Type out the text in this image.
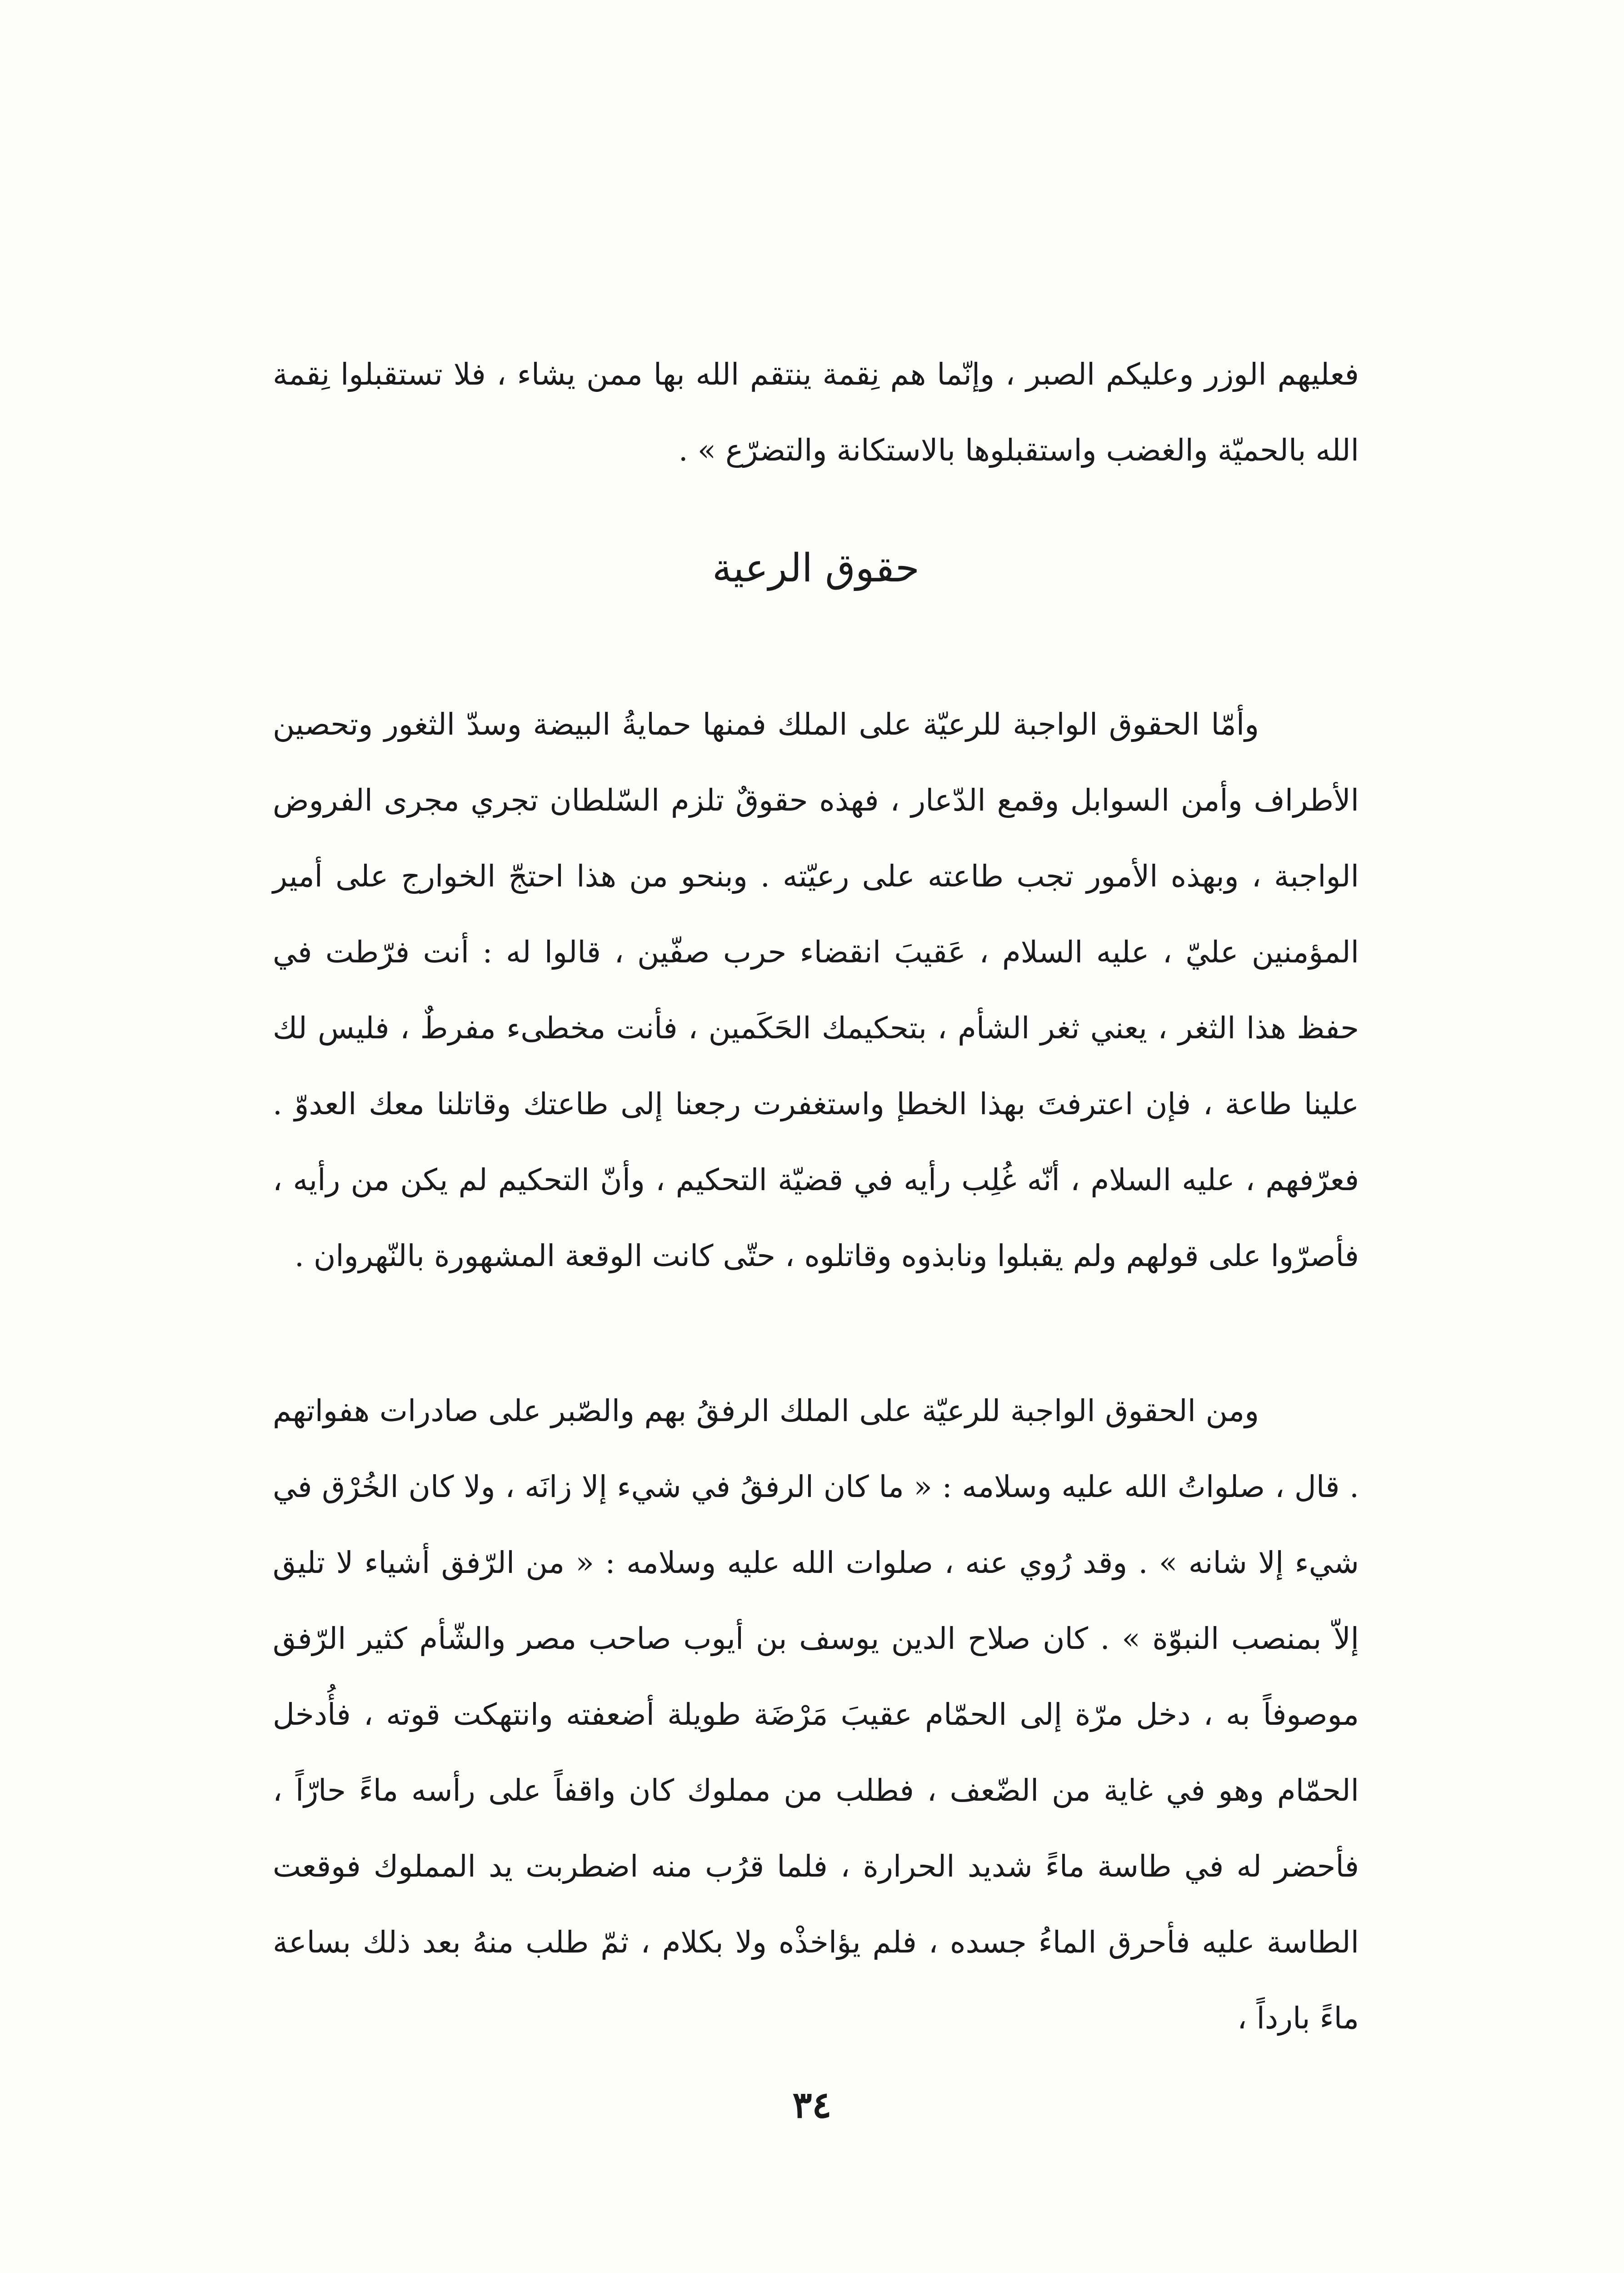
فعليهم الوزر وعليكم الصبر ، وإنّما هم نِقمة ينتقم الله بها ممن يشاء ، فلا تستقبلوا نِقمة الله بالحميّة والغضب واستقبلوها بالاستكانة والتضرّع » .

حقوق الرعية

وأمّا الحقوق الواجبة للرعيّة على الملك فمنها حمايةُ البيضة وسدّ الثغور وتحصين الأطراف وأمن السوابل وقمع الدّعار ، فهذه حقوقٌ تلزم السّلطان تجري مجرى الفروض الواجبة ، وبهذه الأمور تجب طاعته على رعيّته . وبنحو من هذا احتجّ الخوارج على أمير المؤمنين عليّ ، عليه السلام ، عَقيبَ انقضاء حرب صفّين ، قالوا له : أنت فرّطت في حفظ هذا الثغر ، يعني ثغر الشأم ، بتحكيمك الحَكَمين ، فأنت مخطىء مفرطٌ ، فليس لك علينا طاعة ، فإن اعترفتَ بهذا الخطإ واستغفرت رجعنا إلى طاعتك وقاتلنا معك العدوّ . فعرّفهم ، عليه السلام ، أنّه غُلِب رأيه في قضيّة التحكيم ، وأنّ التحكيم لم يكن من رأيه ، فأصرّوا على قولهم ولم يقبلوا ونابذوه وقاتلوه ، حتّى كانت الوقعة المشهورة بالنّهروان .

ومن الحقوق الواجبة للرعيّة على الملك الرفقُ بهم والصّبر على صادرات هفواتهم . قال ، صلواتُ الله عليه وسلامه : « ما كان الرفقُ في شيء إلا زانَه ، ولا كان الخُرْق في شيء إلا شانه » . وقد رُوي عنه ، صلوات الله عليه وسلامه : « من الرّفق أشياء لا تليق إلاّ بمنصب النبوّة » . كان صلاح الدين يوسف بن أيوب صاحب مصر والشّأم كثير الرّفق موصوفاً به ، دخل مرّة إلى الحمّام عقيبَ مَرْضَة طويلة أضعفته وانتهكت قوته ، فأُدخل الحمّام وهو في غاية من الضّعف ، فطلب من مملوك كان واقفاً على رأسه ماءً حارّاً ، فأحضر له في طاسة ماءً شديد الحرارة ، فلما قرُب منه اضطربت يد المملوك فوقعت الطاسة عليه فأحرق الماءُ جسده ، فلم يؤاخذْه ولا بكلام ، ثمّ طلب منهُ بعد ذلك بساعة ماءً بارداً ،

٣٤
